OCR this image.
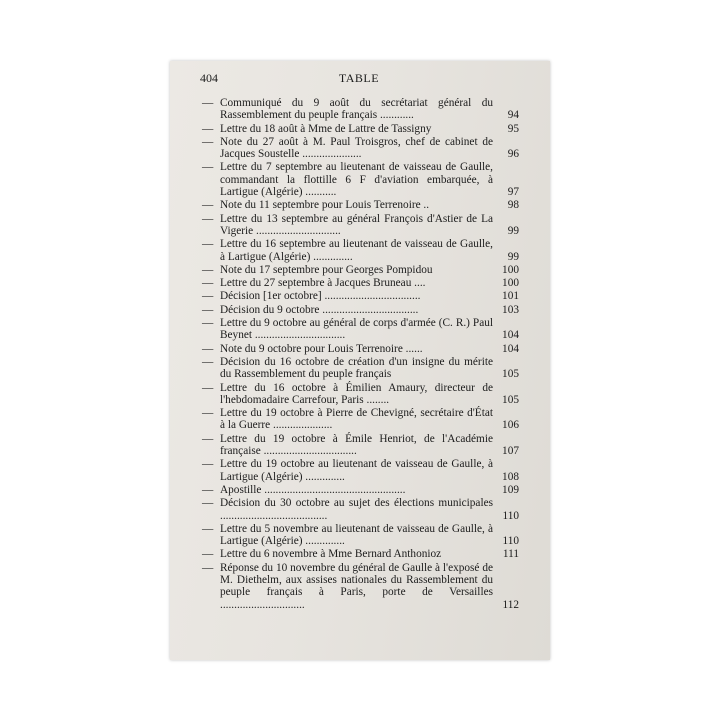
404	TABLE
— Communiqué du 9 août du secrétariat général du Rassemblement du peuple français ............	94
— Lettre du 18 août à Mme de Lattre de Tassigny	95
— Note du 27 août à M. Paul Troisgros, chef de cabinet de Jacques Soustelle .....................	96
— Lettre du 7 septembre au lieutenant de vaisseau de Gaulle, commandant la flottille 6 F d'aviation embarquée, à Lartigue (Algérie) ...........	97
— Note du 11 septembre pour Louis Terrenoire ..	98
— Lettre du 13 septembre au général François d'Astier de La Vigerie ..............................	99
— Lettre du 16 septembre au lieutenant de vaisseau de Gaulle, à Lartigue (Algérie) ..............	99
— Note du 17 septembre pour Georges Pompidou	100
— Lettre du 27 septembre à Jacques Bruneau ....	100
— Décision [1er octobre] ..................................	101
— Décision du 9 octobre ..................................	103
— Lettre du 9 octobre au général de corps d'armée (C. R.) Paul Beynet ................................	104
— Note du 9 octobre pour Louis Terrenoire ......	104
— Décision du 16 octobre de création d'un insigne du mérite du Rassemblement du peuple français	105
— Lettre du 16 octobre à Émilien Amaury, directeur de l'hebdomadaire Carrefour, Paris ........	105
— Lettre du 19 octobre à Pierre de Chevigné, secrétaire d'État à la Guerre .....................	106
— Lettre du 19 octobre à Émile Henriot, de l'Académie française .................................	107
— Lettre du 19 octobre au lieutenant de vaisseau de Gaulle, à Lartigue (Algérie) ..............	108
— Apostille ..................................................	109
— Décision du 30 octobre au sujet des élections municipales ......................................	110
— Lettre du 5 novembre au lieutenant de vaisseau de Gaulle, à Lartigue (Algérie) ..............	110
— Lettre du 6 novembre à Mme Bernard Anthonioz	111
— Réponse du 10 novembre du général de Gaulle à l'exposé de M. Diethelm, aux assises nationales du Rassemblement du peuple français à Paris, porte de Versailles ..............................	112
